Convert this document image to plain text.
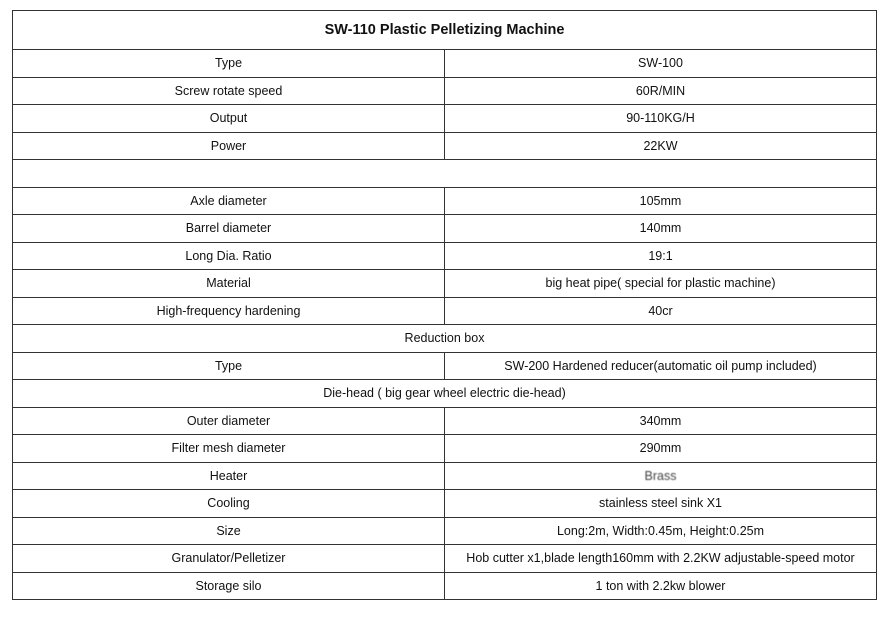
SW-110 Plastic Pelletizing Machine	
Type	SW-100
Screw rotate speed	60R/MIN
Output	90-110KG/H
Power	22KW

Axle diameter	105mm
Barrel diameter	140mm
Long Dia. Ratio	19:1
Material	big heat pipe( special for plastic machine)
High-frequency hardening	40cr
Reduction box	
Type	SW-200 Hardened reducer(automatic oil pump included)
Die-head ( big gear wheel electric die-head)	
Outer diameter	340mm
Filter mesh diameter	290mm
Heater	Brass
Cooling	stainless steel sink X1
Size	Long:2m, Width:0.45m, Height:0.25m
Granulator/Pelletizer	Hob cutter x1,blade length160mm with 2.2KW adjustable-speed motor
Storage silo	1 ton with 2.2kw blower
